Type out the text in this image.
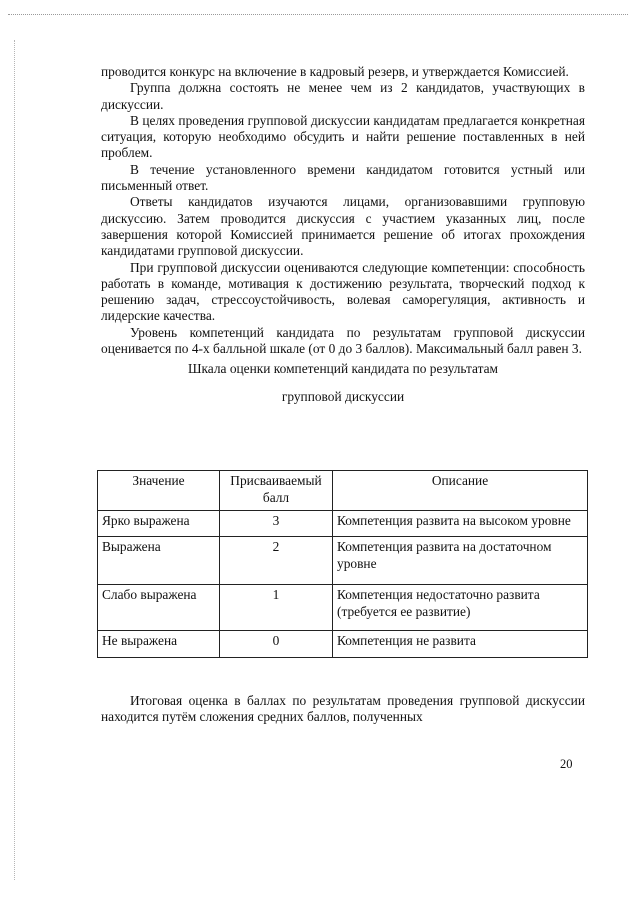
проводится конкурс на включение в кадровый резерв, и утверждается Комиссией.

Группа должна состоять не менее чем из 2 кандидатов, участвующих в дискуссии.

В целях проведения групповой дискуссии кандидатам предлагается конкретная ситуация, которую необходимо обсудить и найти решение поставленных в ней проблем.

В течение установленного времени кандидатом готовится устный или письменный ответ.

Ответы кандидатов изучаются лицами, организовавшими групповую дискуссию. Затем проводится дискуссия с участием указанных лиц, после завершения которой Комиссией принимается решение об итогах прохождения кандидатами групповой дискуссии.

При групповой дискуссии оцениваются следующие компетенции: способность работать в команде, мотивация к достижению результата, творческий подход к решению задач, стрессоустойчивость, волевая саморегуляция, активность и лидерские качества.

Уровень компетенций кандидата по результатам групповой дискуссии оценивается по 4-х балльной шкале (от 0 до 3 баллов). Максимальный балл равен 3.

Шкала оценки компетенций кандидата по результатам

групповой дискуссии

Значение	Присваиваемый балл	Описание
Ярко выражена	3	Компетенция развита на высоком уровне
Выражена	2	Компетенция развита на достаточном уровне
Слабо выражена	1	Компетенция недостаточно развита (требуется ее развитие)
Не выражена	0	Компетенция не развита

Итоговая оценка в баллах по результатам проведения групповой дискуссии находится путём сложения средних баллов, полученных

20
